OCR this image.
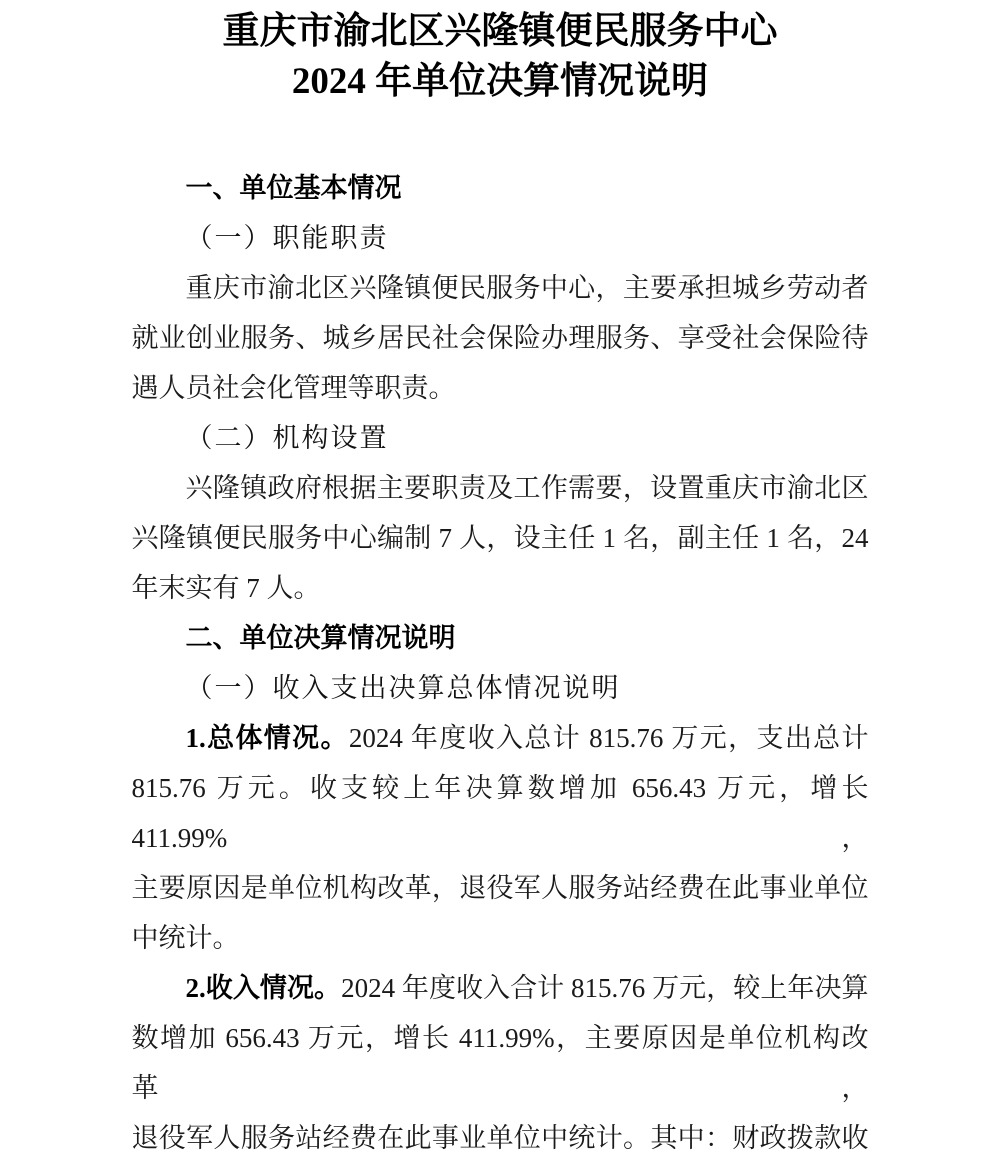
重庆市渝北区兴隆镇便民服务中心
2024 年单位决算情况说明
一、单位基本情况
（一）职能职责
重庆市渝北区兴隆镇便民服务中心，主要承担城乡劳动者
就业创业服务、城乡居民社会保险办理服务、享受社会保险待
遇人员社会化管理等职责。
（二）机构设置
兴隆镇政府根据主要职责及工作需要，设置重庆市渝北区
兴隆镇便民服务中心编制 7 人，设主任 1 名，副主任 1 名，24
年末实有 7 人。
二、单位决算情况说明
（一）收入支出决算总体情况说明
1.总体情况。2024 年度收入总计 815.76 万元，支出总计
815.76 万元。收支较上年决算数增加 656.43 万元，增长 411.99%，
主要原因是单位机构改革，退役军人服务站经费在此事业单位
中统计。
2.收入情况。2024 年度收入合计 815.76 万元，较上年决算
数增加 656.43 万元，增长 411.99%，主要原因是单位机构改革，
退役军人服务站经费在此事业单位中统计。其中：财政拨款收
